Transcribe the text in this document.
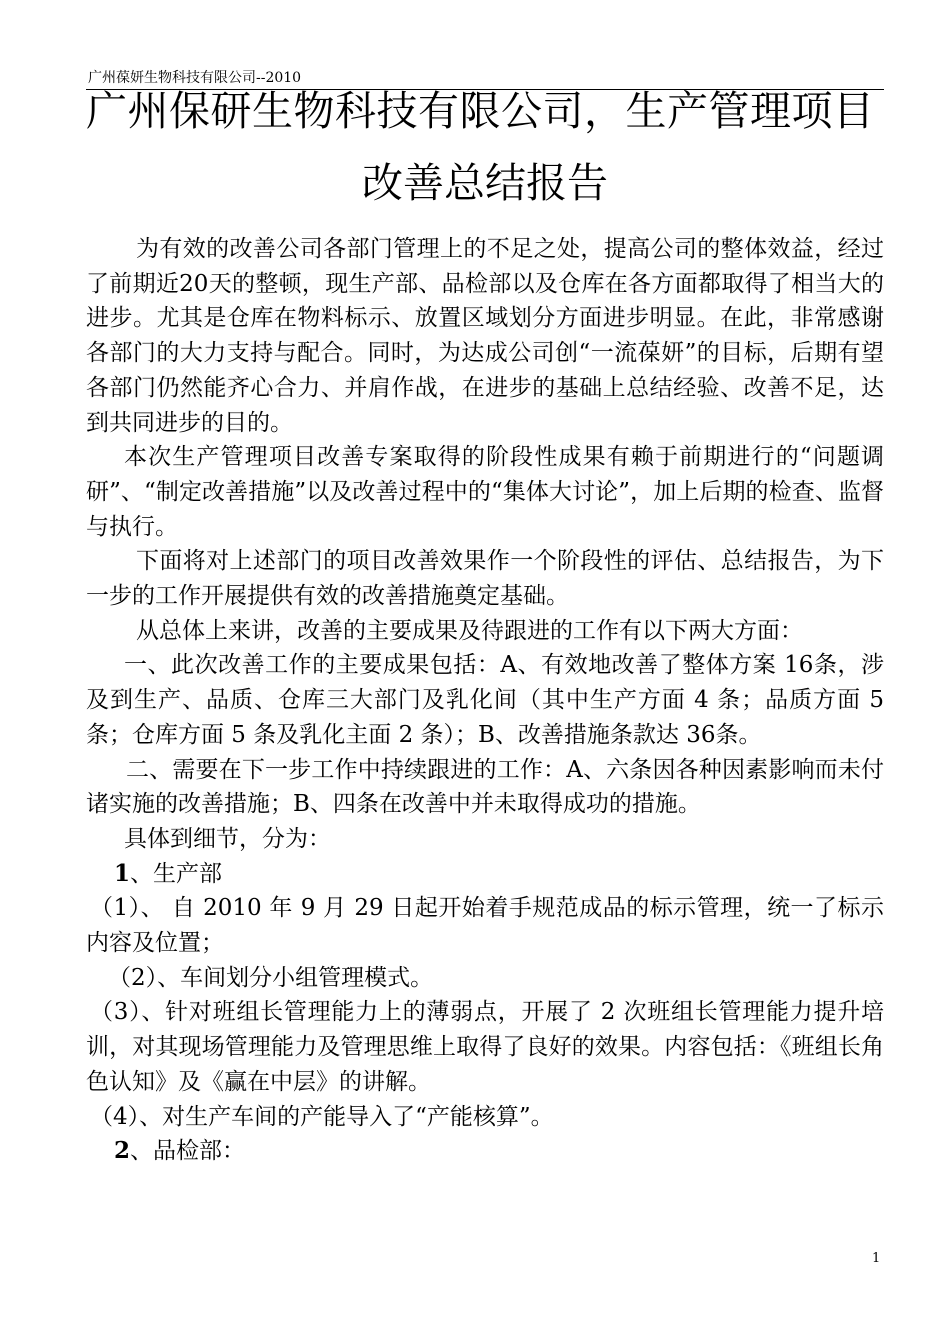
广州葆妍生物科技有限公司--2010
广州保研生物科技有限公司，生产管理项目
改善总结报告

为有效的改善公司各部门管理上的不足之处，提高公司的整体效益，经过了前期近20天的整顿，现生产部、品检部以及仓库在各方面都取得了相当大的进步。尤其是仓库在物料标示、放置区域划分方面进步明显。在此，非常感谢各部门的大力支持与配合。同时，为达成公司创“一流葆妍”的目标，后期有望各部门仍然能齐心合力、并肩作战，在进步的基础上总结经验、改善不足，达到共同进步的目的。

本次生产管理项目改善专案取得的阶段性成果有赖于前期进行的“问题调研”、“制定改善措施”以及改善过程中的“集体大讨论”，加上后期的检查、监督与执行。

下面将对上述部门的项目改善效果作一个阶段性的评估、总结报告，为下一步的工作开展提供有效的改善措施奠定基础。

从总体上来讲，改善的主要成果及待跟进的工作有以下两大方面：

一、此次改善工作的主要成果包括：A、有效地改善了整体方案 16条，涉及到生产、品质、仓库三大部门及乳化间（其中生产方面 4 条；品质方面 5 条；仓库方面 5 条及乳化主面 2 条）；B、改善措施条款达 36条。

二、需要在下一步工作中持续跟进的工作：A、六条因各种因素影响而未付诸实施的改善措施；B、四条在改善中并未取得成功的措施。

具体到细节，分为：

1、生产部

（1）、 自 2010 年 9 月 29 日起开始着手规范成品的标示管理，统一了标示内容及位置；

（2）、车间划分小组管理模式。

（3）、针对班组长管理能力上的薄弱点，开展了 2 次班组长管理能力提升培训，对其现场管理能力及管理思维上取得了良好的效果。内容包括：《班组长角色认知》及《赢在中层》的讲解。

（4）、对生产车间的产能导入了“产能核算”。

2、品检部：

1
